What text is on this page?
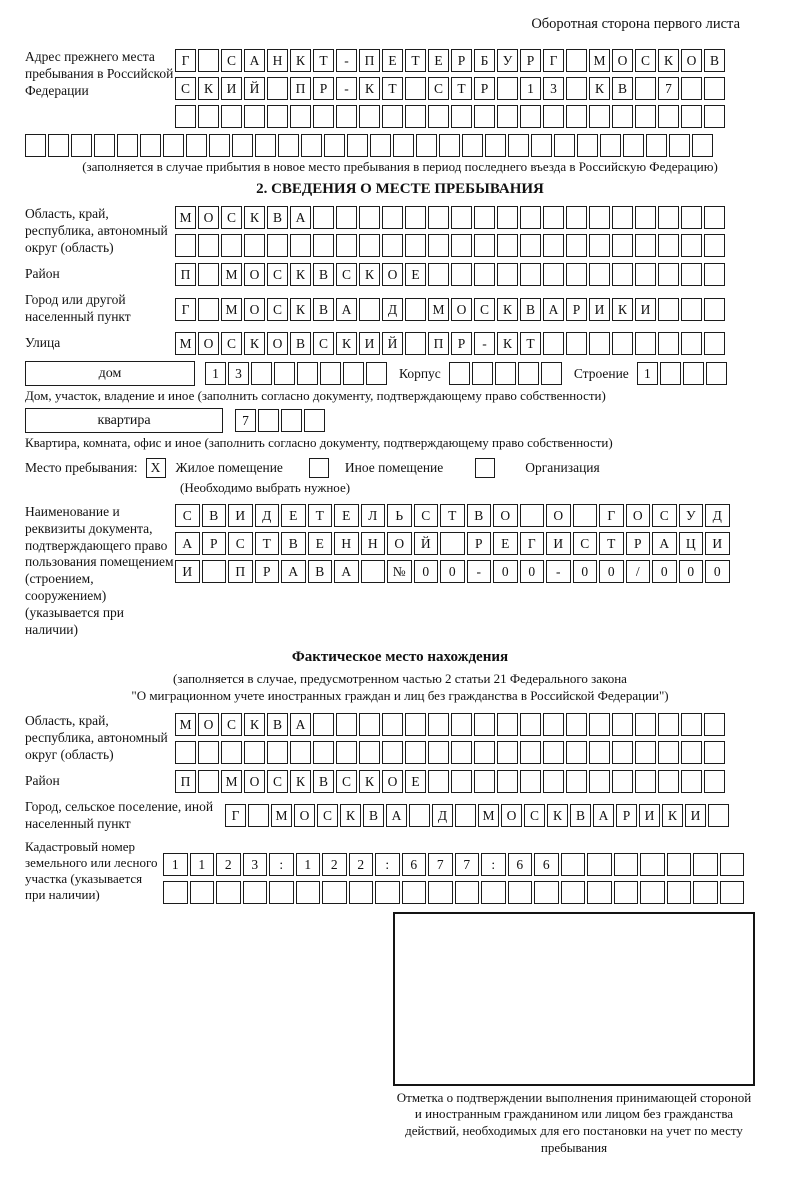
Оборотная сторона первого листа
Адрес прежнего места пребывания в Российской Федерации
Г	С	А Н	К	Т	-	П	Е	Т	Е	Р	Б	У	Р	Г	М О	С	К	О	В
С	К	И Й	П	Р	-	К	Т	С	Т	Р	1	3	К	В	7
(заполняется в случае прибытия в новое место пребывания в период последнего въезда в Российскую Федерацию)
2. СВЕДЕНИЯ О МЕСТЕ ПРЕБЫВАНИЯ
Область, край, республика, автономный округ (область)
М О	С	К	В	А
Район	П	М О	С	К	В	С	К	О	Е
Город или другой населенный пункт	Г	М О	С	К	В	А	Д	М О	С	К	В	А	Р	И	К	И
Улица	М О	С	К	О	В	С	К	И Й	П	Р	-	К	Т
дом	1	3	Корпус	Строение	1
Дом, участок, владение и иное (заполнить согласно документу, подтверждающему право собственности)
квартира	7
Квартира, комната, офис и иное (заполнить согласно документу, подтверждающему право собственности)
Место пребывания: X	Жилое помещение	Иное помещение	Организация
(Необходимо выбрать нужное)
Наименование и реквизиты документа, подтверждающего право пользования помещением (строением, сооружением) (указывается при наличии)
С	В	И	Д	Е	Т	Е	Л	Ь	С	Т	В	О	О	Г	О	С	У	Д
А	Р	С	Т	В	Е	Н	Н	О	Й	Р	Е	Г	И	С	Т	Р	А	Ц	И
И	П	Р	А	В	А	№	0	0	-	0	0	-	0	0	/	0	0	0
Фактическое место нахождения
(заполняется в случае, предусмотренном частью 2 статьи 21 Федерального закона
"О миграционном учете иностранных граждан и лиц без гражданства в Российской Федерации")
Область, край, республика, автономный округ (область)
М О	С	К	В	А
Район	П	М О	С	К	В	С	К	О	Е
Город, сельское поселение, иной населенный пункт	Г	М О	С	К	В	А	Д	М О	С	К	В	А	Р	И	К	И
Кадастровый номер земельного или лесного участка (указывается при наличии)
1	1	2	3	:	1	2	2	:	6	7	7	:	6	6
Отметка о подтверждении выполнения принимающей стороной и иностранным гражданином или лицом без гражданства действий, необходимых для его постановки на учет по месту пребывания
